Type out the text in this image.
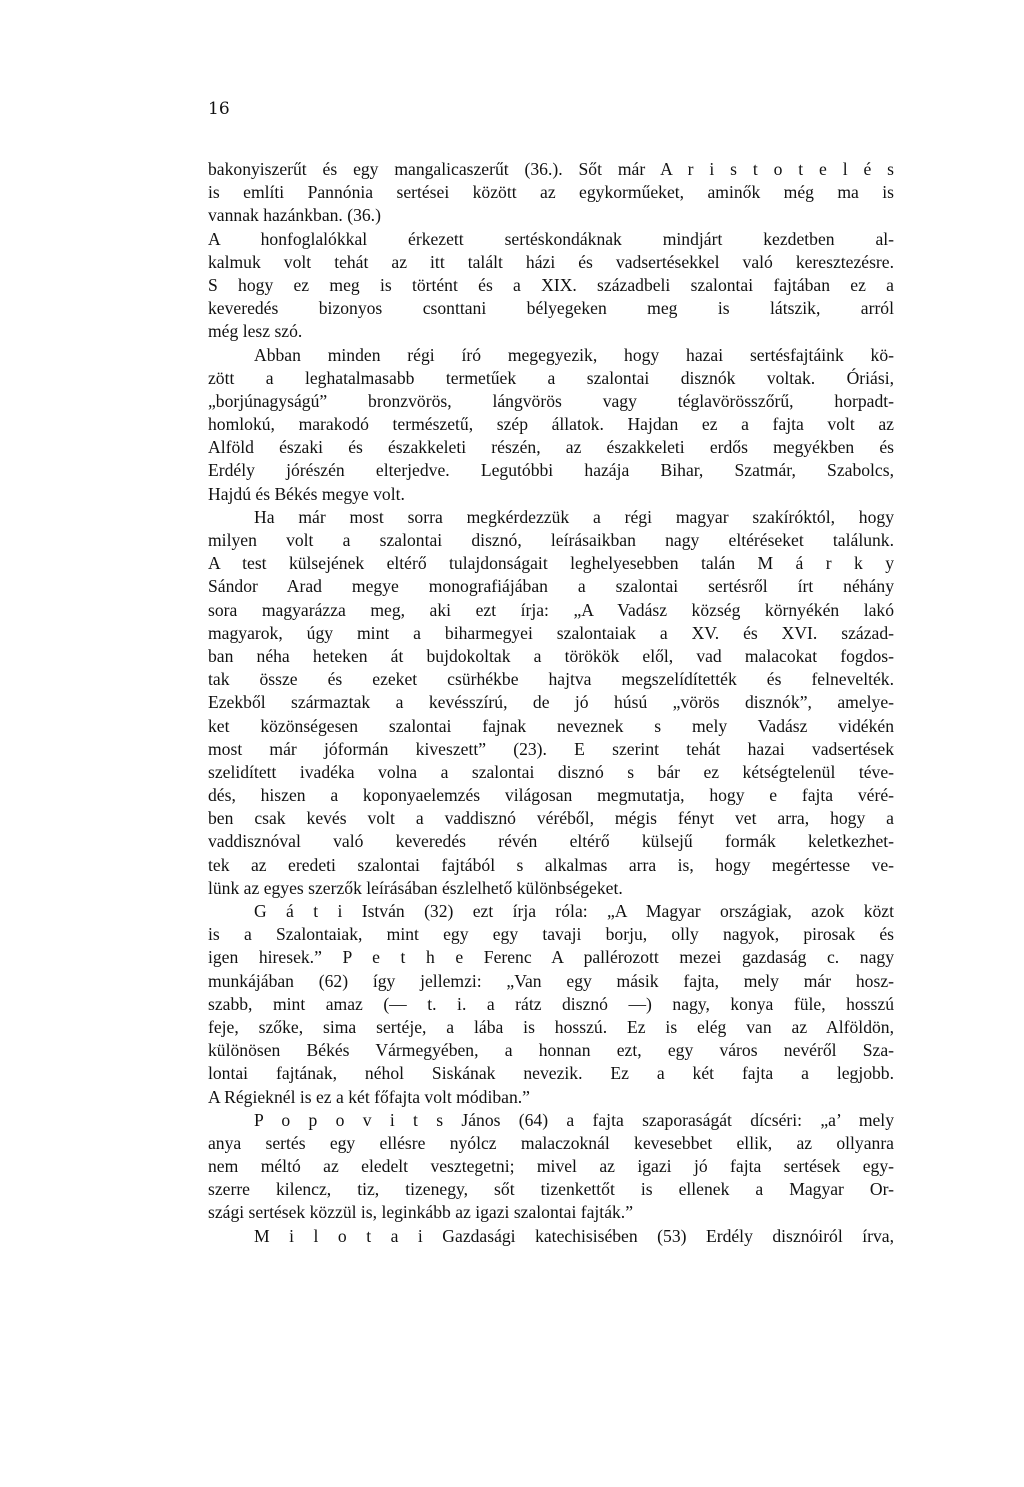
16
bakonyiszerűt és egy mangalicaszerűt (36.). Sőt már A r i s t o t e l é s
is említi Pannónia sertései között az egykorműeket, aminők még ma is
vannak hazánkban. (36.)
A honfoglalókkal érkezett sertéskondáknak mindjárt kezdetben al-
kalmuk volt tehát az itt talált házi és vadsertésekkel való keresztezésre.
S hogy ez meg is történt és a XIX. századbeli szalontai fajtában ez a
keveredés bizonyos csonttani bélyegeken meg is látszik, arról
még lesz szó.
Abban minden régi író megegyezik, hogy hazai sertésfajtáink kö-
zött a leghatalmasabb termetűek a szalontai disznók voltak. Óriási,
„borjúnagyságú” bronzvörös, lángvörös vagy téglavörösszőrű, horpadt-
homlokú, marakodó természetű, szép állatok. Hajdan ez a fajta volt az
Alföld északi és északkeleti részén, az északkeleti erdős megyékben és
Erdély jórészén elterjedve. Legutóbbi hazája Bihar, Szatmár, Szabolcs,
Hajdú és Békés megye volt.
Ha már most sorra megkérdezzük a régi magyar szakíróktól, hogy
milyen volt a szalontai disznó, leírásaikban nagy eltéréseket találunk.
A test külsejének eltérő tulajdonságait leghelyesebben talán M á r k y
Sándor Arad megye monografiájában a szalontai sertésről írt néhány
sora magyarázza meg, aki ezt írja: „A Vadász község környékén lakó
magyarok, úgy mint a biharmegyei szalontaiak a XV. és XVI. század-
ban néha heteken át bujdokoltak a törökök elől, vad malacokat fogdos-
tak össze és ezeket csürhékbe hajtva megszelídítették és felnevelték.
Ezekből származtak a kevésszírú, de jó húsú „vörös disznók”, amelye-
ket közönségesen szalontai fajnak neveznek s mely Vadász vidékén
most már jóformán kiveszett” (23). E szerint tehát hazai vadsertések
szelidített ivadéka volna a szalontai disznó s bár ez kétségtelenül téve-
dés, hiszen a koponyaelemzés világosan megmutatja, hogy e fajta véré-
ben csak kevés volt a vaddisznó véréből, mégis fényt vet arra, hogy a
vaddisznóval való keveredés révén eltérő külsejű formák keletkezhet-
tek az eredeti szalontai fajtából s alkalmas arra is, hogy megértesse ve-
lünk az egyes szerzők leírásában észlelhető különbségeket.
G á t i István (32) ezt írja róla: „A Magyar országiak, azok közt
is a Szalontaiak, mint egy egy tavaji borju, olly nagyok, pirosak és
igen hiresek.” P e t h e Ferenc A pallérozott mezei gazdaság c. nagy
munkájában (62) így jellemzi: „Van egy másik fajta, mely már hosz-
szabb, mint amaz (— t. i. a rátz disznó —) nagy, konya füle, hosszú
feje, szőke, sima sertéje, a lába is hosszú. Ez is elég van az Alföldön,
különösen Békés Vármegyében, a honnan ezt, egy város nevéről Sza-
lontai fajtának, néhol Siskának nevezik. Ez a két fajta a legjobb.
A Régieknél is ez a két főfajta volt módiban.”
P o p o v i t s János (64) a fajta szaporaságát dícséri: „a’ mely
anya sertés egy ellésre nyólcz malaczoknál kevesebbet ellik, az ollyanra
nem méltó az eledelt vesztegetni; mivel az igazi jó fajta sertések egy-
szerre kilencz, tiz, tizenegy, sőt tizenkettőt is ellenek a Magyar Or-
szági sertések közzül is, leginkább az igazi szalontai fajták.”
M i l o t a i Gazdasági katechisisében (53) Erdély disznóiról írva,
